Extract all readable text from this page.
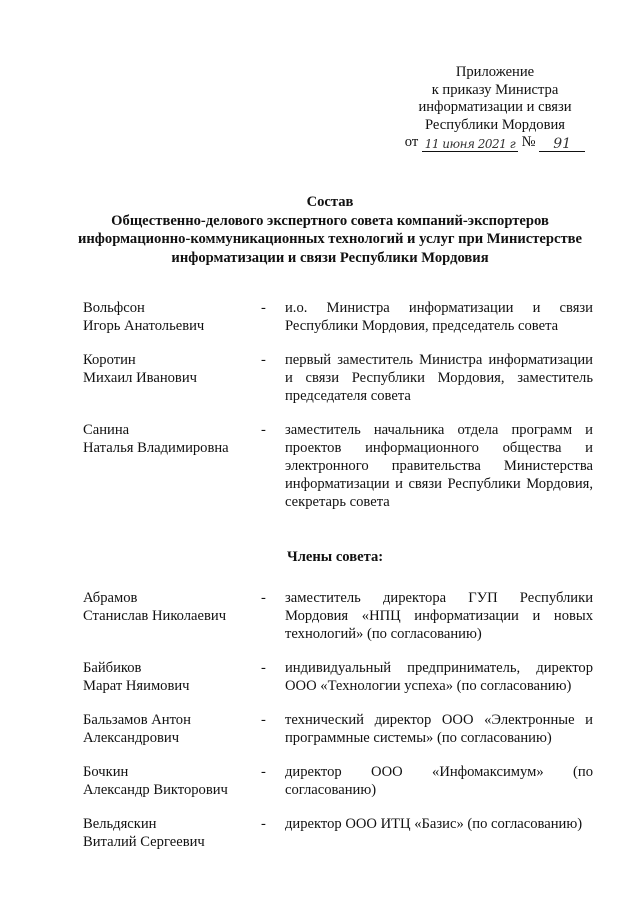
Приложение
к приказу Министра
информатизации и связи
Республики Мордовия
от
11 июня 2021 г
№
	91
Состав
Общественно-делового экспертного совета компаний-экспортеров
информационно-коммуникационных технологий и услуг при Министерстве
информатизации и связи Республики Мордовия
Вольфсон
Игорь Анатольевич
-	и.о. Министра информатизации и связи Республики Мордовия, председатель совета
Коротин
Михаил Иванович
-	первый заместитель Министра информатизации и связи Республики Мордовия, заместитель председателя совета
Санина
Наталья Владимировна
-	заместитель начальника отдела программ и проектов информационного общества и электронного правительства Министерства информатизации и связи Республики Мордовия, секретарь совета
Члены совета:
Абрамов
Станислав Николаевич
-	заместитель директора ГУП Республики Мордовия «НПЦ информатизации и новых технологий» (по согласованию)
Байбиков
Марат Няимович
-	индивидуальный предприниматель, директор ООО «Технологии успеха» (по согласованию)
Бальзамов Антон
Александрович
-	технический директор ООО «Электронные и программные системы» (по согласованию)
Бочкин
Александр Викторович
-	директор ООО «Инфомаксимум» (по согласованию)
Вельдяскин
Виталий Сергеевич
-	директор ООО ИТЦ «Базис» (по согласованию)
